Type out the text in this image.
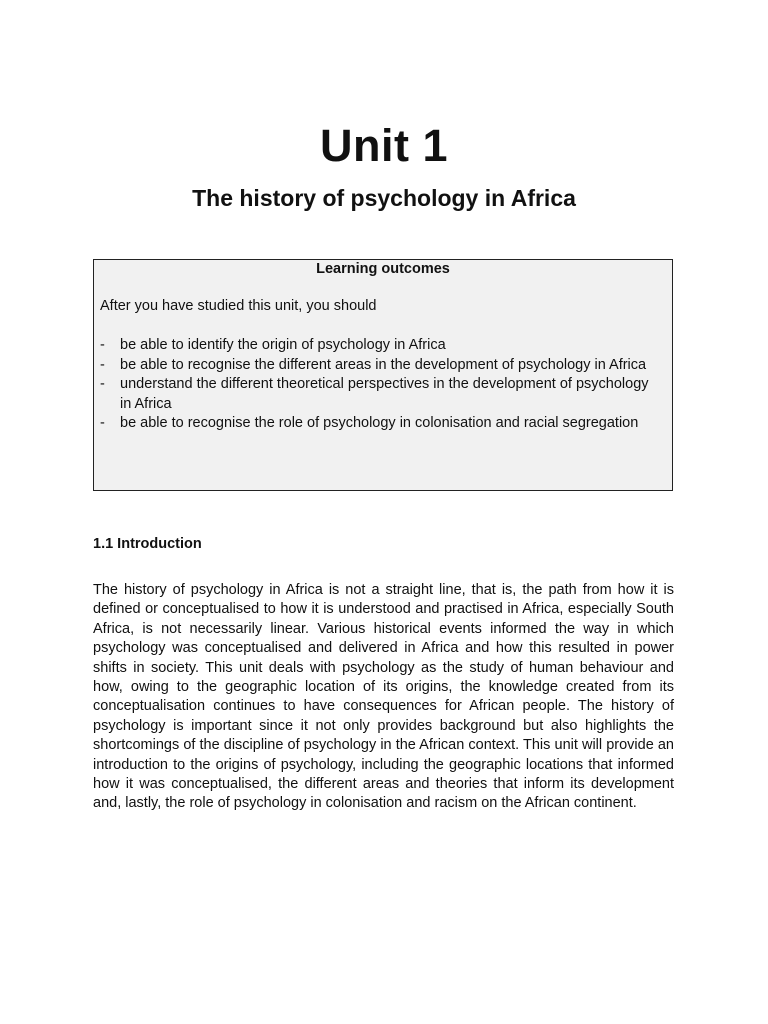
Unit 1
The history of psychology in Africa
Learning outcomes
After you have studied this unit, you should
- be able to identify the origin of psychology in Africa
- be able to recognise the different areas in the development of psychology in Africa
- understand the different theoretical perspectives in the development of psychology in Africa
- be able to recognise the role of psychology in colonisation and racial segregation
1.1 Introduction

The history of psychology in Africa is not a straight line, that is, the path from how it is defined or conceptualised to how it is understood and practised in Africa, especially South Africa, is not necessarily linear. Various historical events informed the way in which psychology was conceptualised and delivered in Africa and how this resulted in power shifts in society. This unit deals with psychology as the study of human behaviour and how, owing to the geographic location of its origins, the knowledge created from its conceptualisation continues to have consequences for African people. The history of psychology is important since it not only provides background but also highlights the shortcomings of the discipline of psychology in the African context. This unit will provide an introduction to the origins of psychology, including the geographic locations that informed how it was conceptualised, the different areas and theories that inform its development and, lastly, the role of psychology in colonisation and racism on the African continent.
